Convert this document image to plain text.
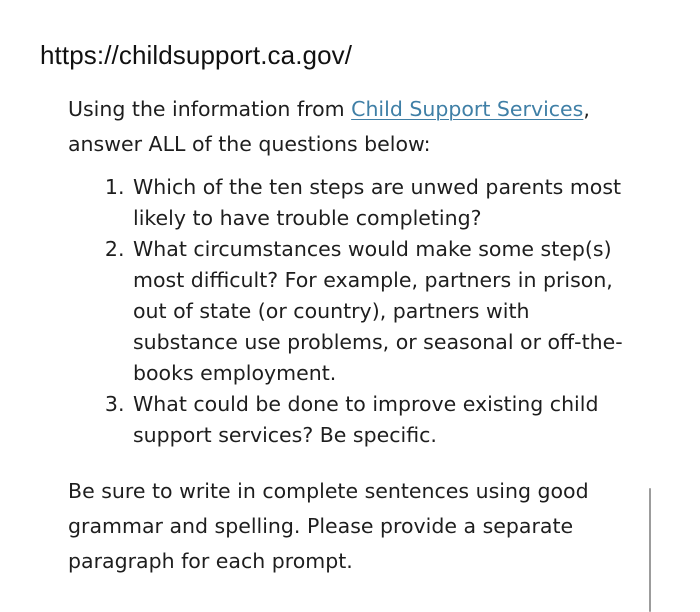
https://childsupport.ca.gov/

Using the information from Child Support Services, answer ALL of the questions below:

1. Which of the ten steps are unwed parents most likely to have trouble completing?
2. What circumstances would make some step(s) most difficult? For example, partners in prison, out of state (or country), partners with substance use problems, or seasonal or off-the-books employment.
3. What could be done to improve existing child support services? Be specific.

Be sure to write in complete sentences using good grammar and spelling. Please provide a separate paragraph for each prompt.
